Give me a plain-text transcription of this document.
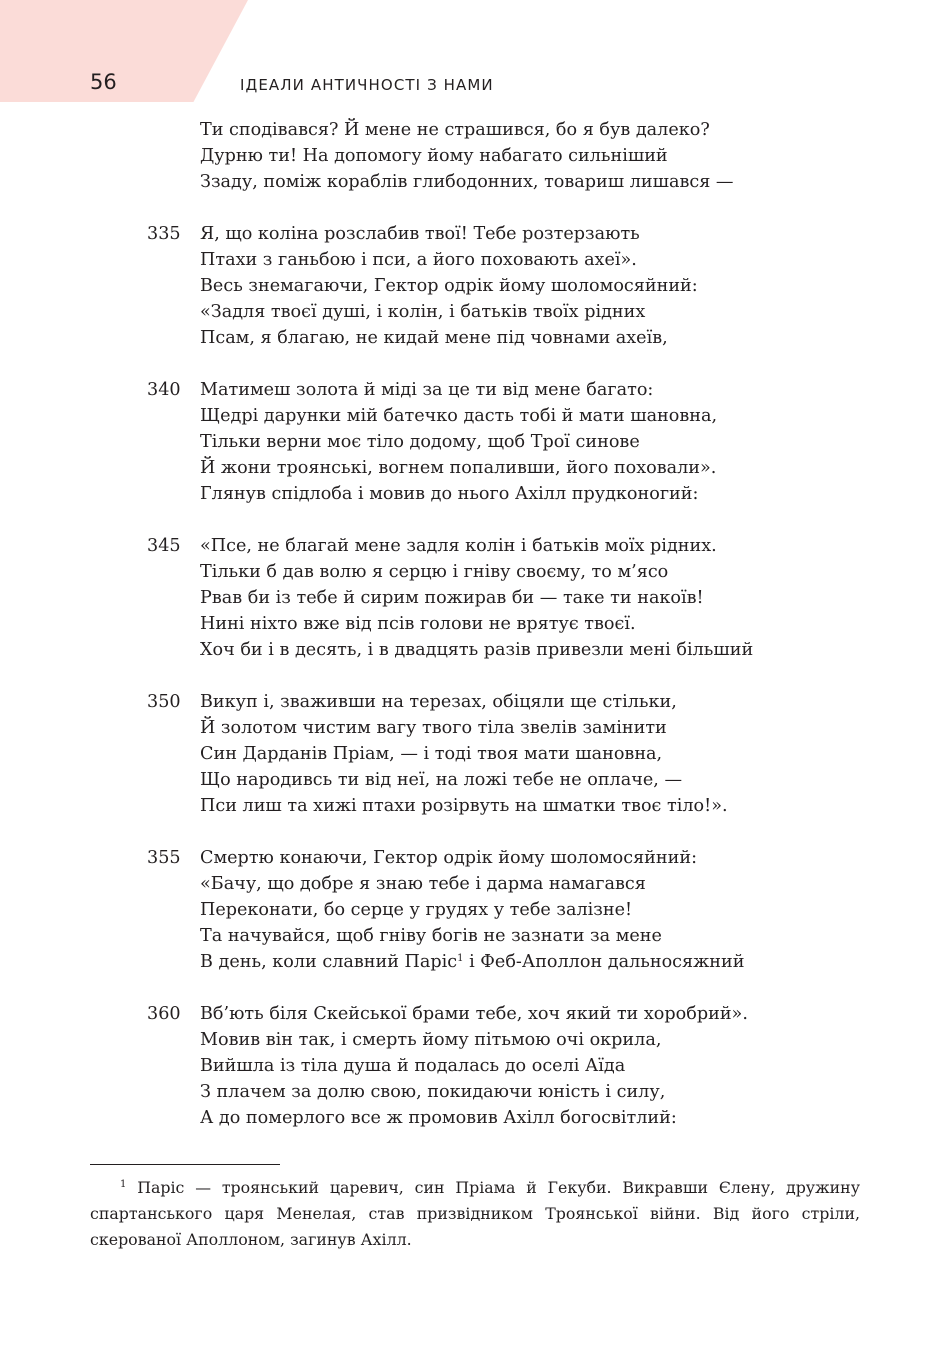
56	ІДЕАЛИ АНТИЧНОСТІ З НАМИ
Ти сподівався? Й мене не страшився, бо я був далеко?
Дурню ти! На допомогу йому набагато сильніший
Ззаду, поміж кораблів глибодонних, товариш лишався —
335 Я, що коліна розслабив твої! Тебе розтерзають
Птахи з ганьбою і пси, а його поховають ахеї».
Весь знемагаючи, Гектор одрік йому шоломосяйний:
«Задля твоєї душі, і колін, і батьків твоїх рідних
Псам, я благаю, не кидай мене під човнами ахеїв,
340 Матимеш золота й міді за це ти від мене багато:
Щедрі дарунки мій батечко дасть тобі й мати шановна,
Тільки верни моє тіло додому, щоб Трої синове
Й жони троянські, вогнем попаливши, його поховали».
Глянув спідлоба і мовив до нього Ахілл прудконогий:
345 «Псе, не благай мене задля колін і батьків моїх рідних.
Тільки б дав волю я серцю і гніву своєму, то м’ясо
Рвав би із тебе й сирим пожирав би — таке ти накоїв!
Нині ніхто вже від псів голови не врятує твоєї.
Хоч би і в десять, і в двадцять разів привезли мені більший
350 Викуп і, зваживши на терезах, обіцяли ще стільки,
Й золотом чистим вагу твого тіла звелів замінити
Син Дарданів Пріам, — і тоді твоя мати шановна,
Що народивсь ти від неї, на ложі тебе не оплаче, —
Пси лиш та хижі птахи розірвуть на шматки твоє тіло!».
355 Смертю конаючи, Гектор одрік йому шоломосяйний:
«Бачу, що добре я знаю тебе і дарма намагався
Переконати, бо серце у грудях у тебе залізне!
Та начувайся, щоб гніву богів не зазнати за мене
В день, коли славний Паріс$^1$ і Феб-Аполлон дальносяжний
360 Вб’ють біля Скейської брами тебе, хоч який ти хоробрий».
Мовив він так, і смерть йому пітьмою очі окрила,
Вийшла із тіла душа й подалась до оселі Аїда
З плачем за долю свою, покидаючи юність і силу,
А до померлого все ж промовив Ахілл богосвітлий:
$^1$ Паріс — троянський царевич, син Пріама й Гекуби. Викравши Єлену, дружину спартанського царя Менелая, став призвідником Троянської війни. Від його стріли, скерованої Аполлоном, загинув Ахілл.
